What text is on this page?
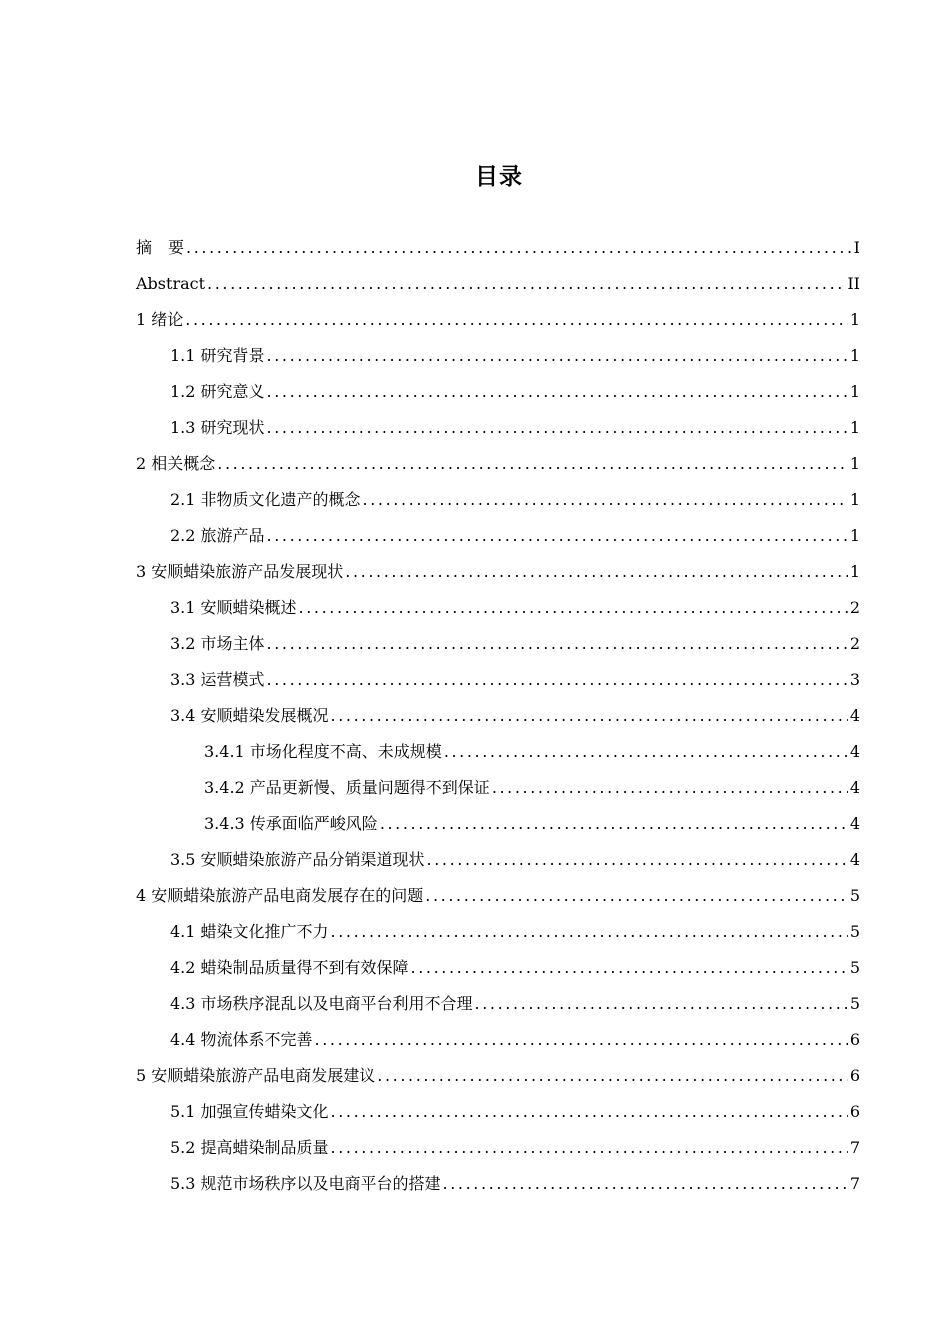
目录
摘　要 .....	I
Abstract .....	II
1 绪论 .....	1
1.1 研究背景 .....	1
1.2 研究意义 .....	1
1.3 研究现状 .....	1
2 相关概念 .....	1
2.1 非物质文化遗产的概念 .....	1
2.2 旅游产品 .....	1
3 安顺蜡染旅游产品发展现状 .....	1
3.1 安顺蜡染概述 .....	2
3.2 市场主体 .....	2
3.3 运营模式 .....	3
3.4 安顺蜡染发展概况 .....	4
3.4.1 市场化程度不高、未成规模 .....	4
3.4.2 产品更新慢、质量问题得不到保证 .....	4
3.4.3 传承面临严峻风险 .....	4
3.5 安顺蜡染旅游产品分销渠道现状 .....	4
4 安顺蜡染旅游产品电商发展存在的问题 .....	5
4.1 蜡染文化推广不力 .....	5
4.2 蜡染制品质量得不到有效保障 .....	5
4.3 市场秩序混乱以及电商平台利用不合理 .....	5
4.4 物流体系不完善 .....	6
5 安顺蜡染旅游产品电商发展建议 .....	6
5.1 加强宣传蜡染文化 .....	6
5.2 提高蜡染制品质量 .....	7
5.3 规范市场秩序以及电商平台的搭建 .....	7
